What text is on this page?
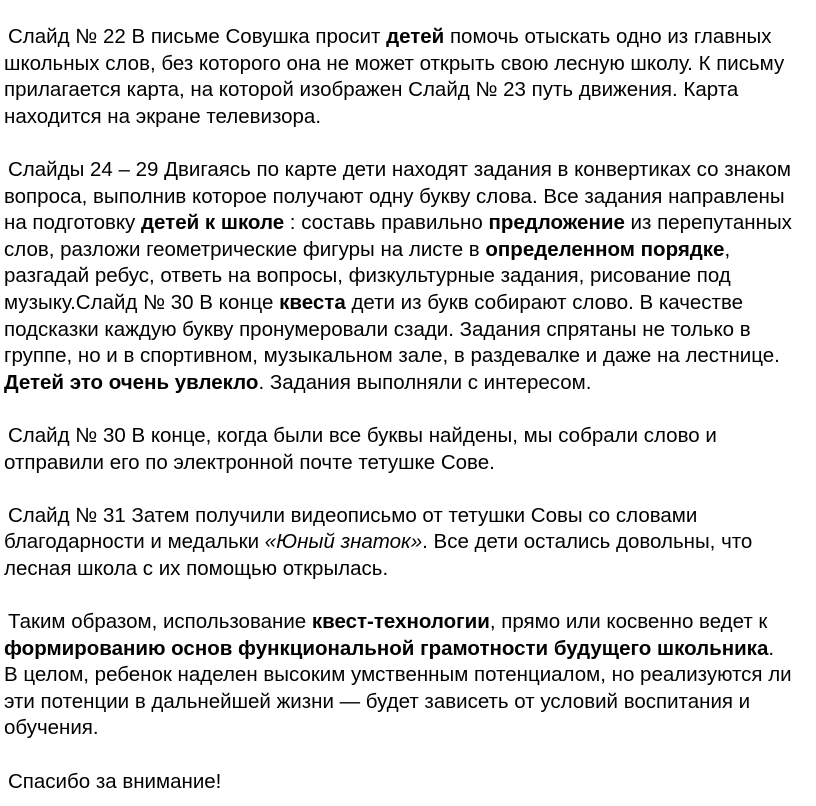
Слайд № 22 В письме Совушка просит детей помочь отыскать одно из главных школьных слов, без которого она не может открыть свою лесную школу. К письму прилагается карта, на которой изображен Слайд № 23 путь движения. Карта находится на экране телевизора.

Слайды 24 – 29 Двигаясь по карте дети находят задания в конвертиках со знаком вопроса, выполнив которое получают одну букву слова. Все задания направлены на подготовку детей к школе : составь правильно предложение из перепутанных слов, разложи геометрические фигуры на листе в определенном порядке, разгадай ребус, ответь на вопросы, физкультурные задания, рисование под музыку.Слайд № 30 В конце квеста дети из букв собирают слово. В качестве подсказки каждую букву пронумеровали сзади. Задания спрятаны не только в группе, но и в спортивном, музыкальном зале, в раздевалке и даже на лестнице. Детей это очень увлекло. Задания выполняли с интересом.

Слайд № 30 В конце, когда были все буквы найдены, мы собрали слово и отправили его по электронной почте тетушке Сове.

Слайд № 31 Затем получили видеописьмо от тетушки Совы со словами благодарности и медальки «Юный знаток». Все дети остались довольны, что лесная школа с их помощью открылась.

Таким образом, использование квест-технологии, прямо или косвенно ведет к формированию основ функциональной грамотности будущего школьника. В целом, ребенок наделен высоким умственным потенциалом, но реализуются ли эти потенции в дальнейшей жизни — будет зависеть от условий воспитания и обучения.

Спасибо за внимание!
